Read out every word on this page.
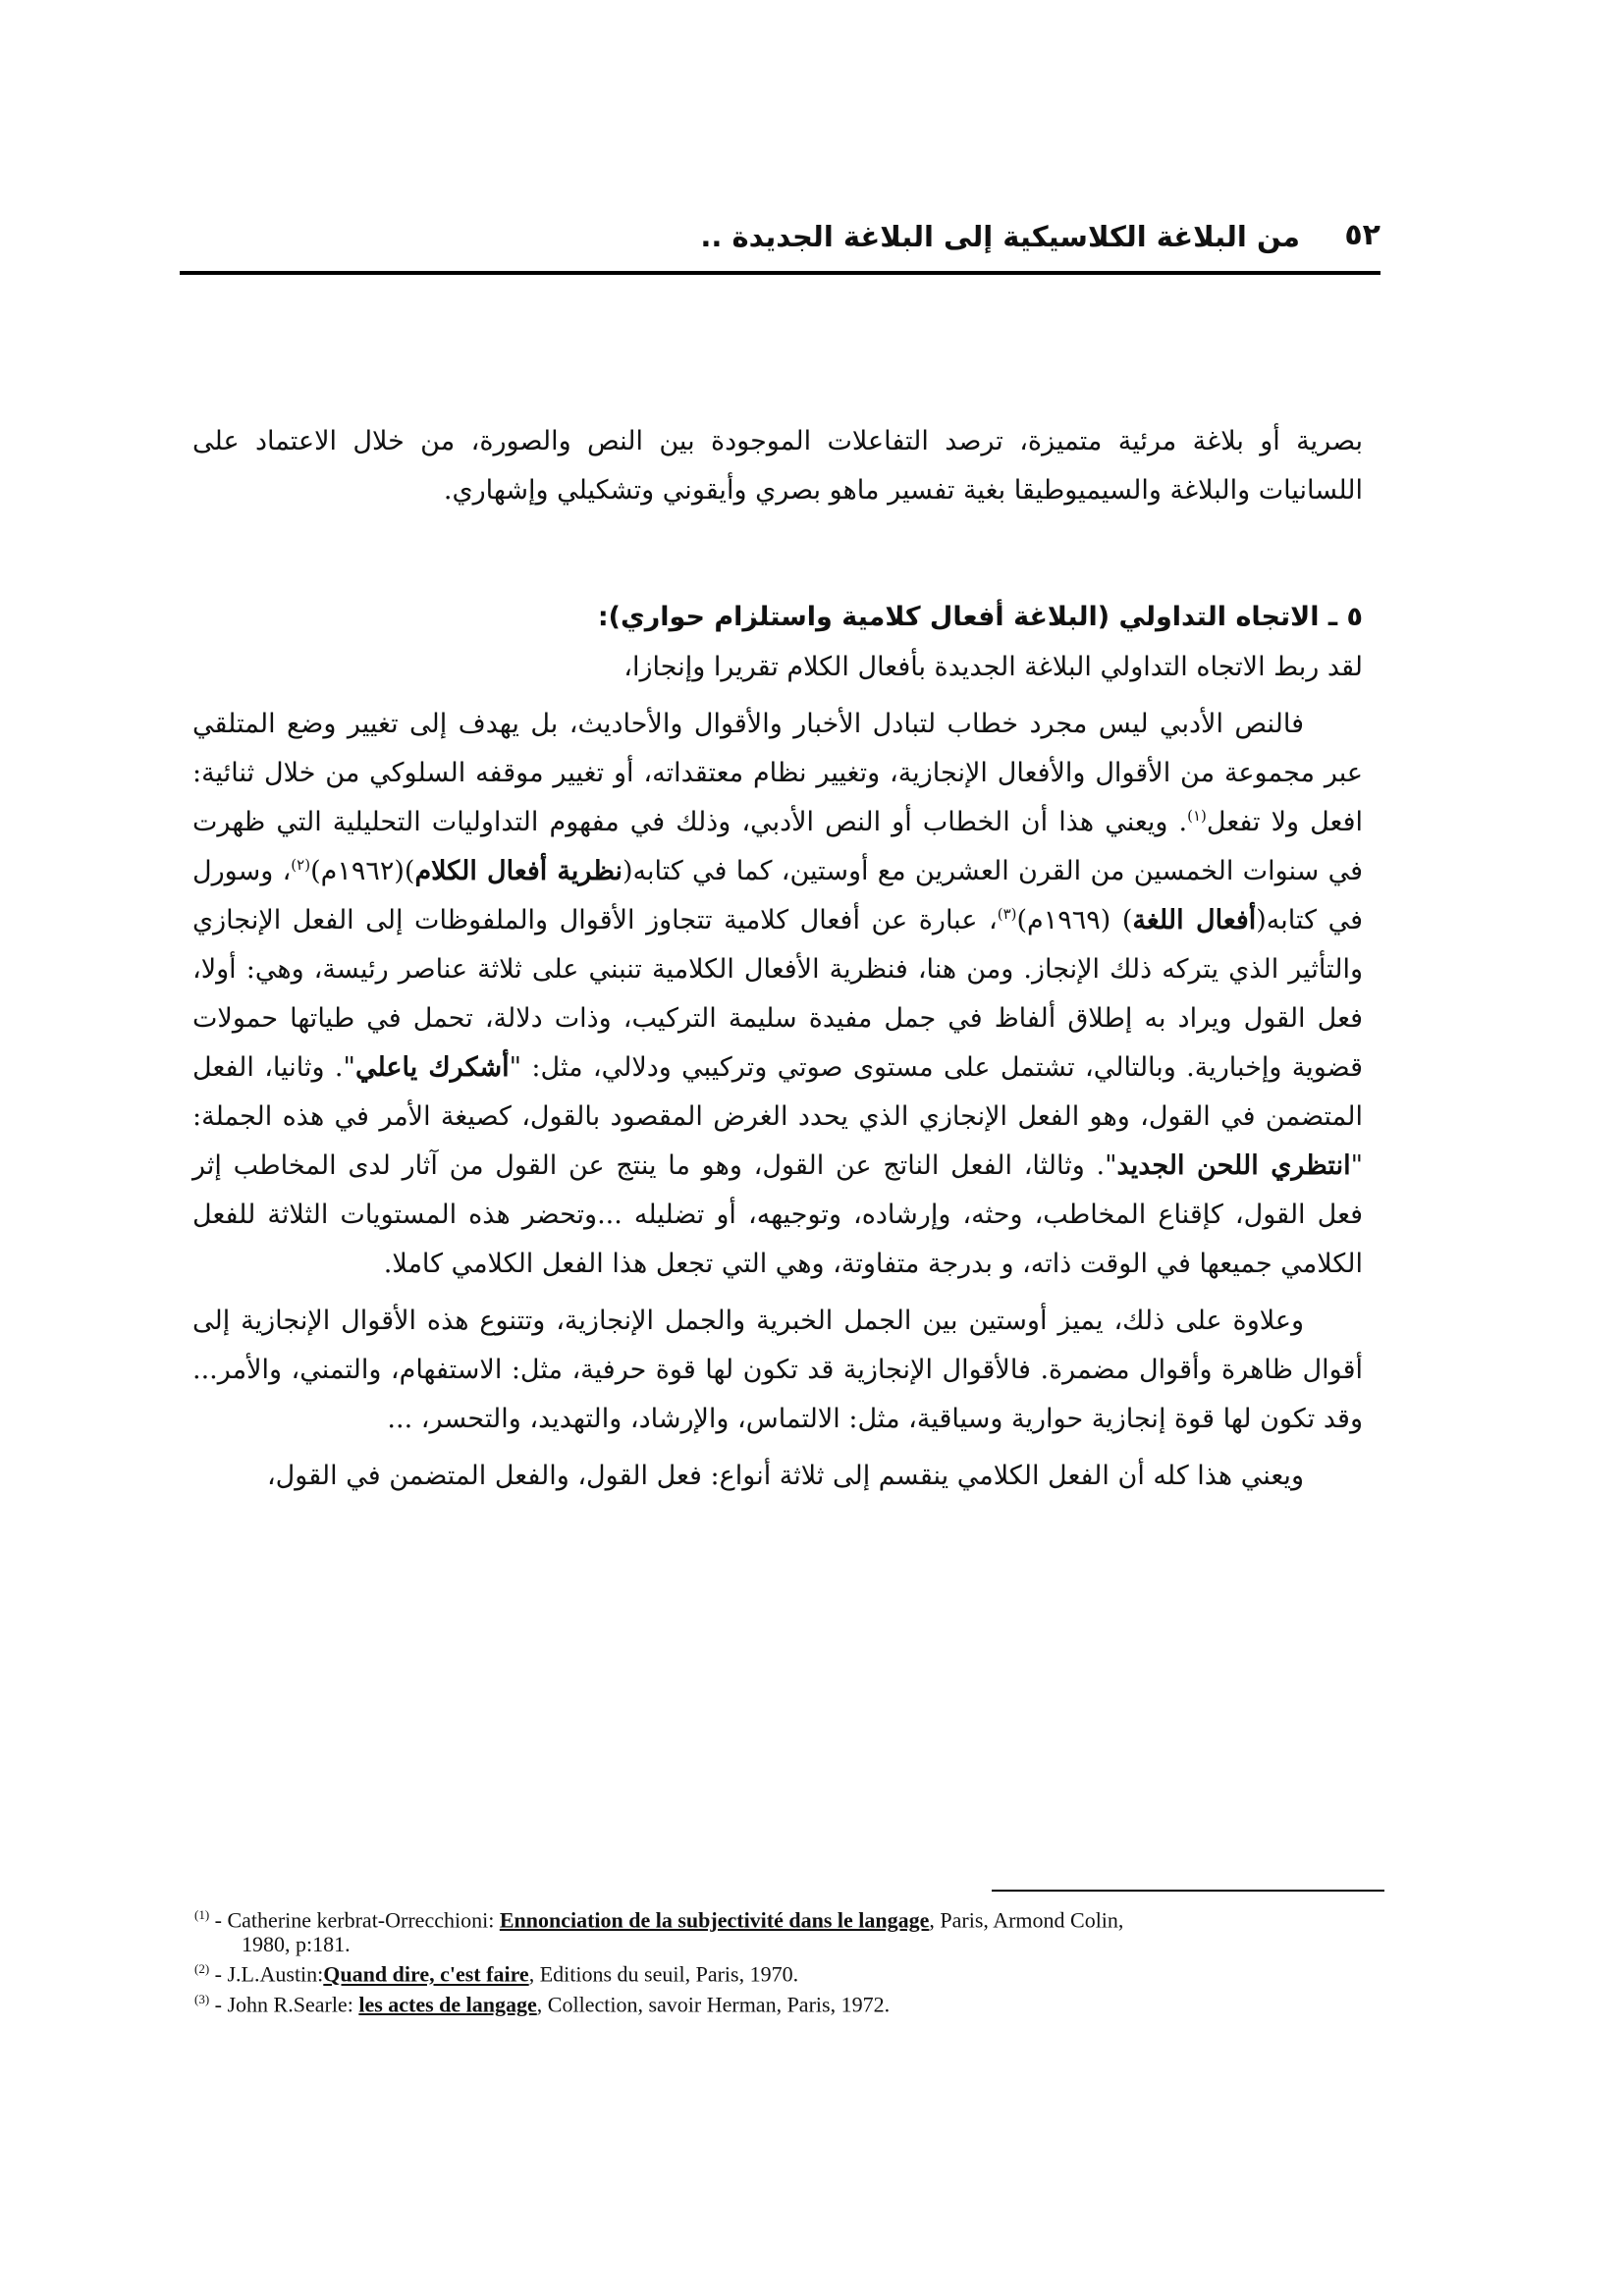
٥٢
من البلاغة الكلاسيكية إلى البلاغة الجديدة ..

بصرية أو بلاغة مرئية متميزة، ترصد التفاعلات الموجودة بين النص والصورة، من خلال الاعتماد على اللسانيات والبلاغة والسيميوطيقا بغية تفسير ماهو بصري وأيقوني وتشكيلي وإشهاري.

٥ ـ الاتجاه التداولي (البلاغة أفعال كلامية واستلزام حواري):

لقد ربط الاتجاه التداولي البلاغة الجديدة بأفعال الكلام تقريرا وإنجازا،

فالنص الأدبي ليس مجرد خطاب لتبادل الأخبار والأقوال والأحاديث، بل يهدف إلى تغيير وضع المتلقي عبر مجموعة من الأقوال والأفعال الإنجازية، وتغيير نظام معتقداته، أو تغيير موقفه السلوكي من خلال ثنائية: افعل ولا تفعل$^{(١)}$. ويعني هذا أن الخطاب أو النص الأدبي، وذلك في مفهوم التداوليات التحليلية التي ظهرت في سنوات الخمسين من القرن العشرين مع أوستين، كما في كتابه(نظرية أفعال الكلام)(١٩٦٢م)$^{(٢)}$، وسورل في كتابه(أفعال اللغة) (١٩٦٩م)$^{(٣)}$، عبارة عن أفعال كلامية تتجاوز الأقوال والملفوظات إلى الفعل الإنجازي والتأثير الذي يتركه ذلك الإنجاز. ومن هنا، فنظرية الأفعال الكلامية تنبني على ثلاثة عناصر رئيسة، وهي: أولا، فعل القول ويراد به إطلاق ألفاظ في جمل مفيدة سليمة التركيب، وذات دلالة، تحمل في طياتها حمولات قضوية وإخبارية. وبالتالي، تشتمل على مستوى صوتي وتركيبي ودلالي، مثل: "أشكرك ياعلي". وثانيا، الفعل المتضمن في القول، وهو الفعل الإنجازي الذي يحدد الغرض المقصود بالقول، كصيغة الأمر في هذه الجملة: "انتظري اللحن الجديد". وثالثا، الفعل الناتج عن القول، وهو ما ينتج عن القول من آثار لدى المخاطب إثر فعل القول، كإقناع المخاطب، وحثه، وإرشاده، وتوجيهه، أو تضليله ...وتحضر هذه المستويات الثلاثة للفعل الكلامي جميعها في الوقت ذاته، و بدرجة متفاوتة، وهي التي تجعل هذا الفعل الكلامي كاملا.

وعلاوة على ذلك، يميز أوستين بين الجمل الخبرية والجمل الإنجازية، وتتنوع هذه الأقوال الإنجازية إلى أقوال ظاهرة وأقوال مضمرة. فالأقوال الإنجازية قد تكون لها قوة حرفية، مثل: الاستفهام، والتمني، والأمر... وقد تكون لها قوة إنجازية حوارية وسياقية، مثل: الالتماس، والإرشاد، والتهديد، والتحسر، ...

ويعني هذا كله أن الفعل الكلامي ينقسم إلى ثلاثة أنواع: فعل القول، والفعل المتضمن في القول،

$^{(1)}$ - Catherine kerbrat-Orrecchioni: Ennonciation de la subjectivité dans le langage, Paris, Armond Colin,
1980, p:181.

$^{(2)}$ - J.L.Austin:Quand dire, c'est faire, Editions du seuil, Paris, 1970.

$^{(3)}$ - John R.Searle: les actes de langage, Collection, savoir Herman, Paris, 1972.
